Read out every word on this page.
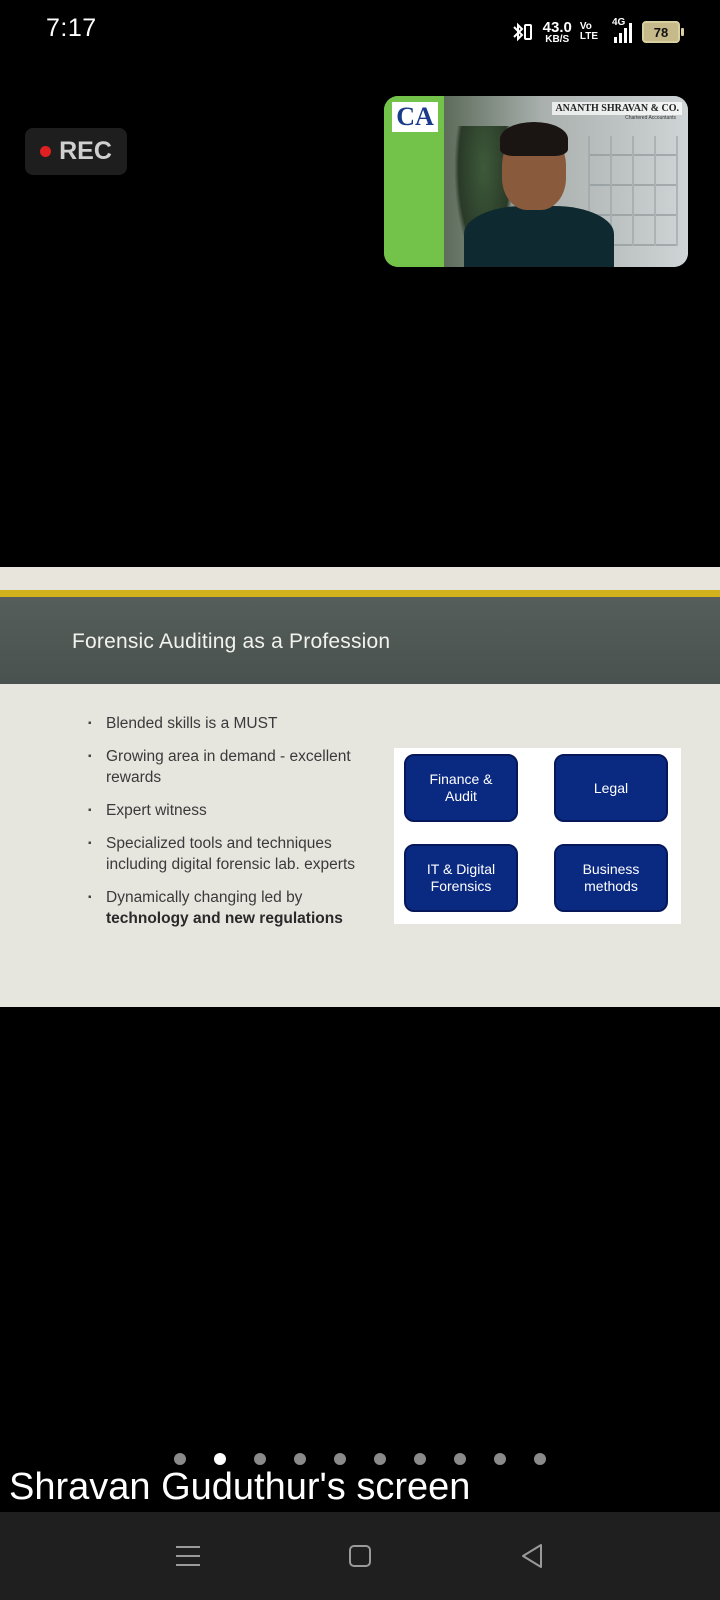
7:17	43.0
KB/S
Vo
LTE
4G
78
REC
CA	ANANTH SHRAVAN & CO.
Chartered Accountants
Forensic Auditing as a Profession
▪ Blended skills is a MUST
▪ Growing area in demand - excellent rewards
▪ Expert witness
▪ Specialized tools and techniques including digital forensic lab. experts
▪ Dynamically changing led by technology and new regulations
Finance & Audit
Legal
IT & Digital Forensics
Business methods
Shravan Guduthur's screen
